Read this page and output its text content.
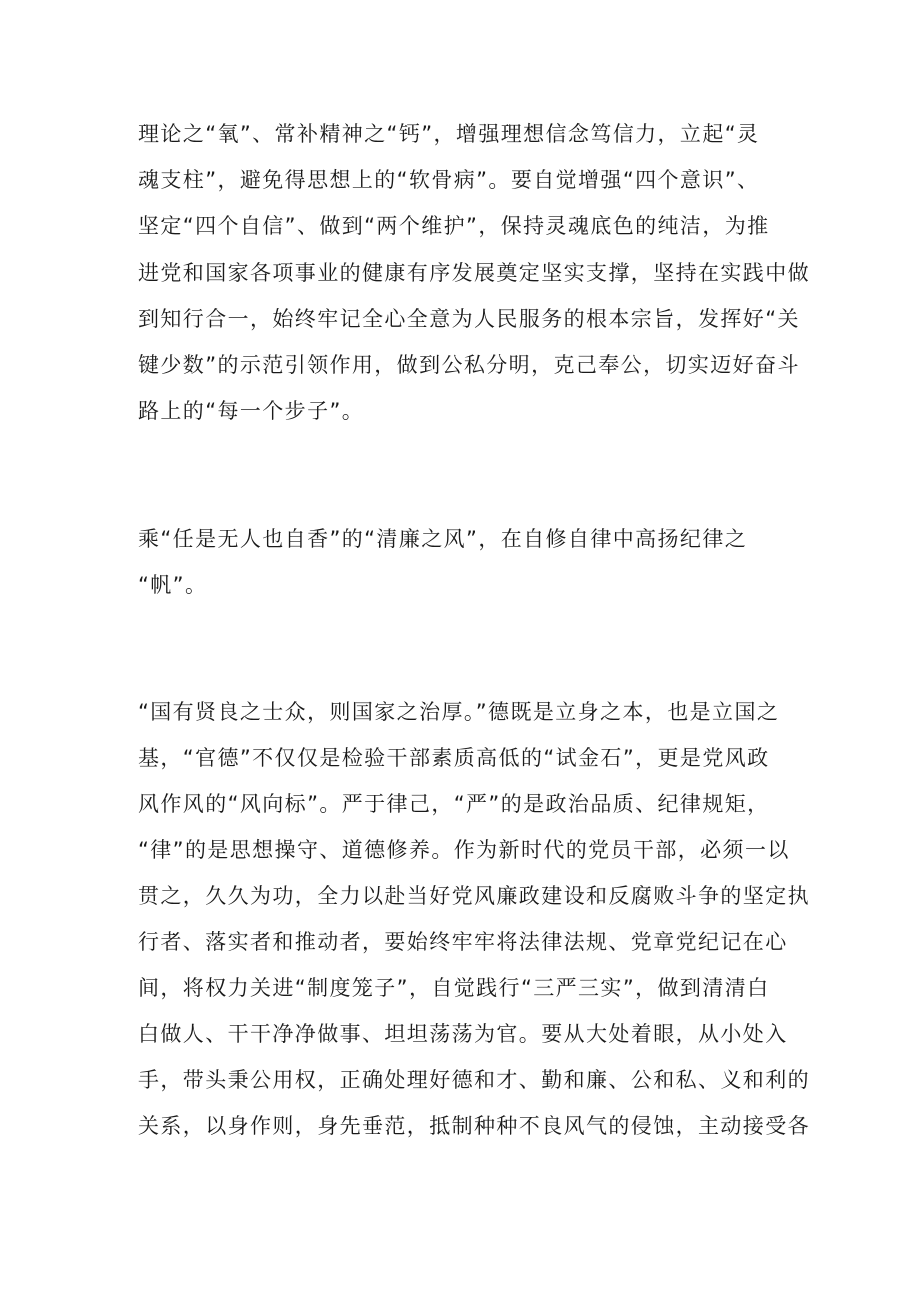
理论之“氧”、常补精神之“钙”，增强理想信念笃信力，立起“灵

魂支柱”，避免得思想上的“软骨病”。要自觉增强“四个意识”、

坚定“四个自信”、做到“两个维护”，保持灵魂底色的纯洁，为推

进党和国家各项事业的健康有序发展奠定坚实支撑，坚持在实践中做

到知行合一，始终牢记全心全意为人民服务的根本宗旨，发挥好“关

键少数”的示范引领作用，做到公私分明，克己奉公，切实迈好奋斗

路上的“每一个步子”。

乘“任是无人也自香”的“清廉之风”，在自修自律中高扬纪律之

“帆”。

“国有贤良之士众，则国家之治厚。”德既是立身之本，也是立国之

基，“官德”不仅仅是检验干部素质高低的“试金石”，更是党风政

风作风的“风向标”。严于律己，“严”的是政治品质、纪律规矩，

“律”的是思想操守、道德修养。作为新时代的党员干部，必须一以

贯之，久久为功，全力以赴当好党风廉政建设和反腐败斗争的坚定执

行者、落实者和推动者，要始终牢牢将法律法规、党章党纪记在心

间，将权力关进“制度笼子”，自觉践行“三严三实”，做到清清白

白做人、干干净净做事、坦坦荡荡为官。要从大处着眼，从小处入

手，带头秉公用权，正确处理好德和才、勤和廉、公和私、义和利的

关系，以身作则，身先垂范，抵制种种不良风气的侵蚀，主动接受各
